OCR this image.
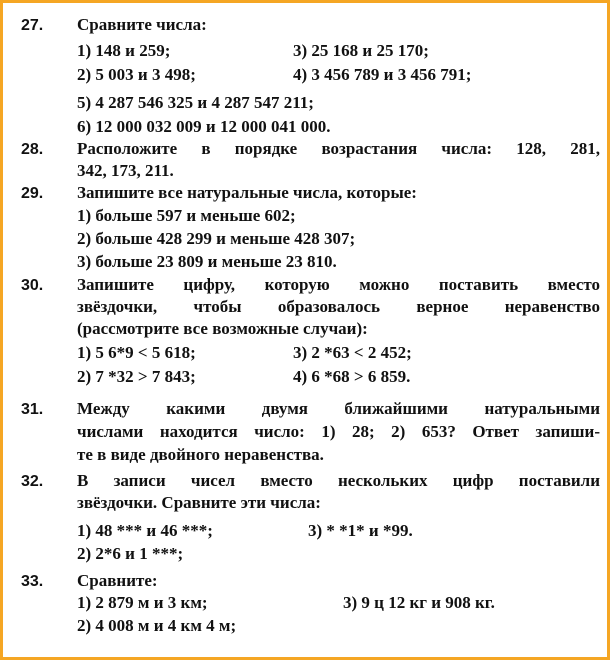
27. Сравните числа:
1) 148 и 259;	3) 25 168 и 25 170;
2) 5 003 и 3 498;	4) 3 456 789 и 3 456 791;
5) 4 287 546 325 и 4 287 547 211;
6) 12 000 032 009 и 12 000 041 000.
28. Расположите в порядке возрастания числа: 128, 281,
342, 173, 211.
29. Запишите все натуральные числа, которые:
1) больше 597 и меньше 602;
2) больше 428 299 и меньше 428 307;
3) больше 23 809 и меньше 23 810.
30. Запишите цифру, которую можно поставить вместо
звёздочки, чтобы образовалось верное неравенство
(рассмотрите все возможные случаи):
1) 5 6*9 < 5 618;	3) 2 *63 < 2 452;
2) 7 *32 > 7 843;	4) 6 *68 > 6 859.
31. Между какими двумя ближайшими натуральными
числами находится число: 1) 28; 2) 653? Ответ запиши-
те в виде двойного неравенства.
32. В записи чисел вместо нескольких цифр поставили
звёздочки. Сравните эти числа:
1) 48 *** и 46 ***;	3) * *1* и *99.
2) 2*6 и 1 ***;
33. Сравните:
1) 2 879 м и 3 км;	3) 9 ц 12 кг и 908 кг.
2) 4 008 м и 4 км 4 м;
